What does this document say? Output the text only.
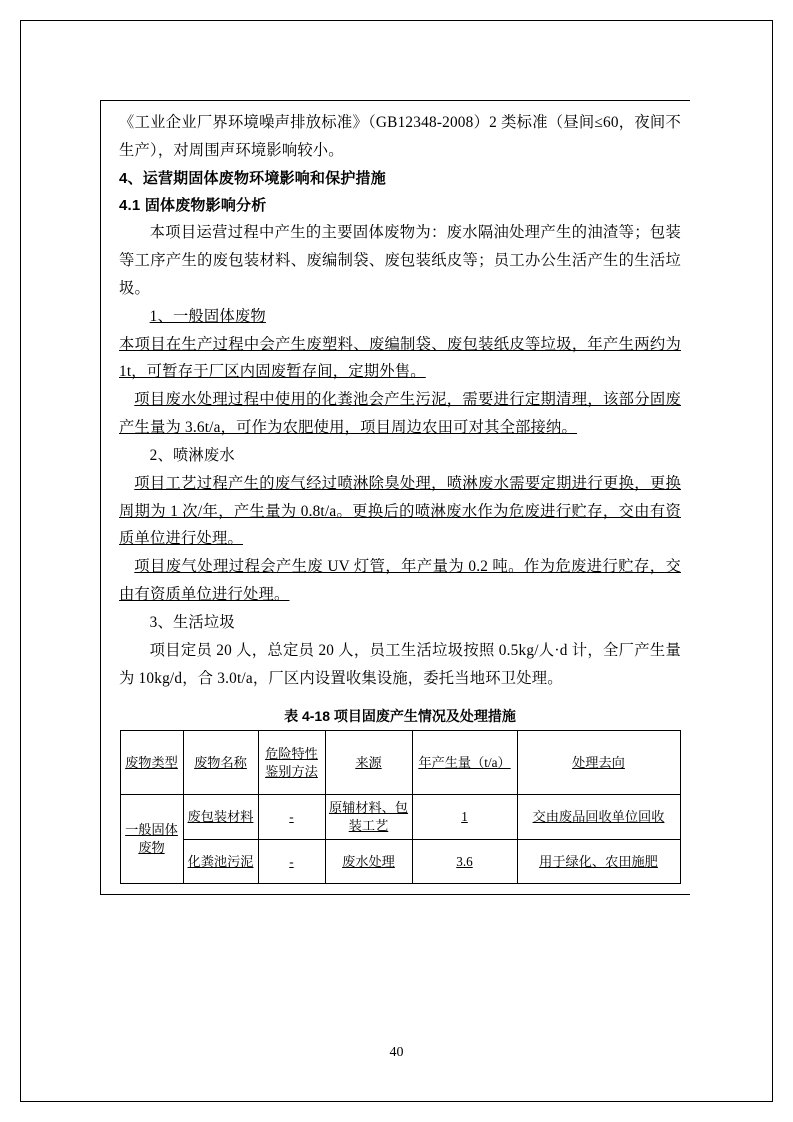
《工业企业厂界环境噪声排放标准》（GB12348-2008）2 类标准（昼间≤60，夜间不生产），对周围声环境影响较小。

4、运营期固体废物环境影响和保护措施

4.1 固体废物影响分析

本项目运营过程中产生的主要固体废物为：废水隔油处理产生的油渣等；包装等工序产生的废包装材料、废编制袋、废包装纸皮等；员工办公生活产生的生活垃圾。

1、一般固体废物

本项目在生产过程中会产生废塑料、废编制袋、废包装纸皮等垃圾，年产生两约为 1t，可暂存于厂区内固废暂存间，定期外售。

项目废水处理过程中使用的化粪池会产生污泥，需要进行定期清理，该部分固废产生量为 3.6t/a，可作为农肥使用，项目周边农田可对其全部接纳。

2、喷淋废水

项目工艺过程产生的废气经过喷淋除臭处理，喷淋废水需要定期进行更换，更换周期为 1 次/年，产生量为 0.8t/a。更换后的喷淋废水作为危废进行贮存，交由有资质单位进行处理。

项目废气处理过程会产生废 UV 灯管，年产量为 0.2 吨。作为危废进行贮存，交由有资质单位进行处理。

3、生活垃圾

项目定员 20 人，总定员 20 人，员工生活垃圾按照 0.5kg/人·d 计，全厂产生量为 10kg/d，合 3.0t/a，厂区内设置收集设施，委托当地环卫处理。

表 4-18 项目固废产生情况及处理措施
废物类型	废物名称	危险特性鉴别方法	来源	年产生量（t/a）	处理去向
一般固体废物	废包装材料	-	原辅材料、包装工艺	1	交由废品回收单位回收
	化粪池污泥	-	废水处理	3.6	用于绿化、农田施肥
40
